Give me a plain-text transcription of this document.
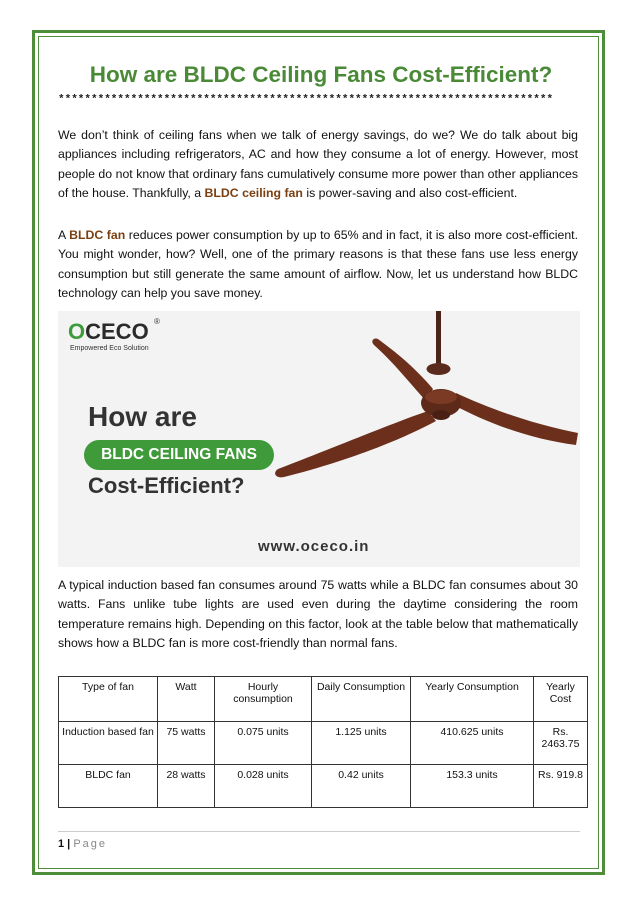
How are BLDC Ceiling Fans Cost-Efficient?
***************************************************************************

We don’t think of ceiling fans when we talk of energy savings, do we? We do talk about big appliances including refrigerators, AC and how they consume a lot of energy. However, most people do not know that ordinary fans cumulatively consume more power than other appliances of the house. Thankfully, a BLDC ceiling fan is power-saving and also cost-efficient.

A BLDC fan reduces power consumption by up to 65% and in fact, it is also more cost-efficient. You might wonder, how? Well, one of the primary reasons is that these fans use less energy consumption but still generate the same amount of airflow. Now, let us understand how BLDC technology can help you save money.

OCECO ®
Empowered Eco Solution
How are
BLDC CEILING FANS
Cost-Efficient?
www.oceco.in

A typical induction based fan consumes around 75 watts while a BLDC fan consumes about 30 watts. Fans unlike tube lights are used even during the daytime considering the room temperature remains high. Depending on this factor, look at the table below that mathematically shows how a BLDC fan is more cost-friendly than normal fans.

Type of fan	Watt	Hourly consumption	Daily Consumption	Yearly Consumption	Yearly Cost
Induction based fan	75 watts	0.075 units	1.125 units	410.625 units	Rs. 2463.75
BLDC fan	28 watts	0.028 units	0.42 units	153.3 units	Rs. 919.8
1 | Page
